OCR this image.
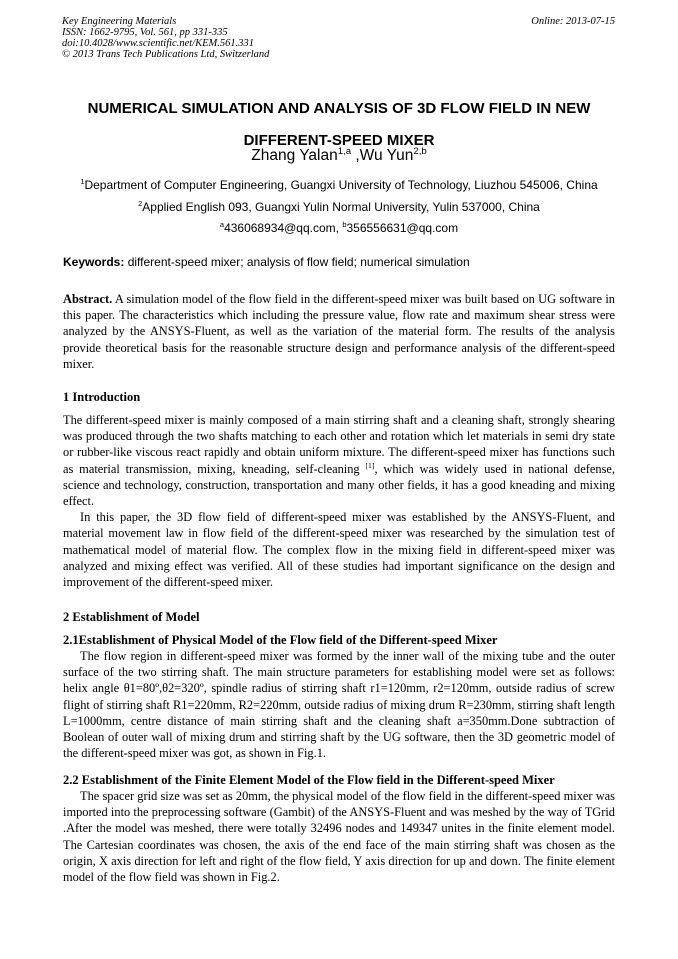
Key Engineering Materials
ISSN: 1662-9795, Vol. 561, pp 331-335
doi:10.4028/www.scientific.net/KEM.561.331
© 2013 Trans Tech Publications Ltd, Switzerland
Online: 2013-07-15
NUMERICAL SIMULATION AND ANALYSIS OF 3D FLOW FIELD IN NEW
DIFFERENT-SPEED MIXER
Zhang Yalan$^{1,a}$ ,Wu Yun$^{2,b}$
$^1$Department of Computer Engineering, Guangxi University of Technology, Liuzhou 545006, China
$^2$Applied English 093, Guangxi Yulin Normal University, Yulin 537000, China
$^a$436068934@qq.com, $^b$356556631@qq.com
Keywords: different-speed mixer; analysis of flow field; numerical simulation

Abstract. A simulation model of the flow field in the different-speed mixer was built based on UG software in this paper. The characteristics which including the pressure value, flow rate and maximum shear stress were analyzed by the ANSYS-Fluent, as well as the variation of the material form. The results of the analysis provide theoretical basis for the reasonable structure design and performance analysis of the different-speed mixer.

1 Introduction

The different-speed mixer is mainly composed of a main stirring shaft and a cleaning shaft, strongly shearing was produced through the two shafts matching to each other and rotation which let materials in semi dry state or rubber-like viscous react rapidly and obtain uniform mixture. The different-speed mixer has functions such as material transmission, mixing, kneading, self-cleaning [1], which was widely used in national defense, science and technology, construction, transportation and many other fields, it has a good kneading and mixing effect.

In this paper, the 3D flow field of different-speed mixer was established by the ANSYS-Fluent, and material movement law in flow field of the different-speed mixer was researched by the simulation test of mathematical model of material flow. The complex flow in the mixing field in different-speed mixer was analyzed and mixing effect was verified. All of these studies had important significance on the design and improvement of the different-speed mixer.

2 Establishment of Model
2.1Establishment of Physical Model of the Flow field of the Different-speed Mixer

The flow region in different-speed mixer was formed by the inner wall of the mixing tube and the outer surface of the two stirring shaft. The main structure parameters for establishing model were set as follows: helix angle θ1=80º,θ2=320º, spindle radius of stirring shaft r1=120mm, r2=120mm, outside radius of screw flight of stirring shaft R1=220mm, R2=220mm, outside radius of mixing drum R=230mm, stirring shaft length L=1000mm, centre distance of main stirring shaft and the cleaning shaft a=350mm.Done subtraction of Boolean of outer wall of mixing drum and stirring shaft by the UG software, then the 3D geometric model of the different-speed mixer was got, as shown in Fig.1.

2.2 Establishment of the Finite Element Model of the Flow field in the Different-speed Mixer

The spacer grid size was set as 20mm, the physical model of the flow field in the different-speed mixer was imported into the preprocessing software (Gambit) of the ANSYS-Fluent and was meshed by the way of TGrid .After the model was meshed, there were totally 32496 nodes and 149347 unites in the finite element model. The Cartesian coordinates was chosen, the axis of the end face of the main stirring shaft was chosen as the origin, X axis direction for left and right of the flow field, Y axis direction for up and down. The finite element model of the flow field was shown in Fig.2.
